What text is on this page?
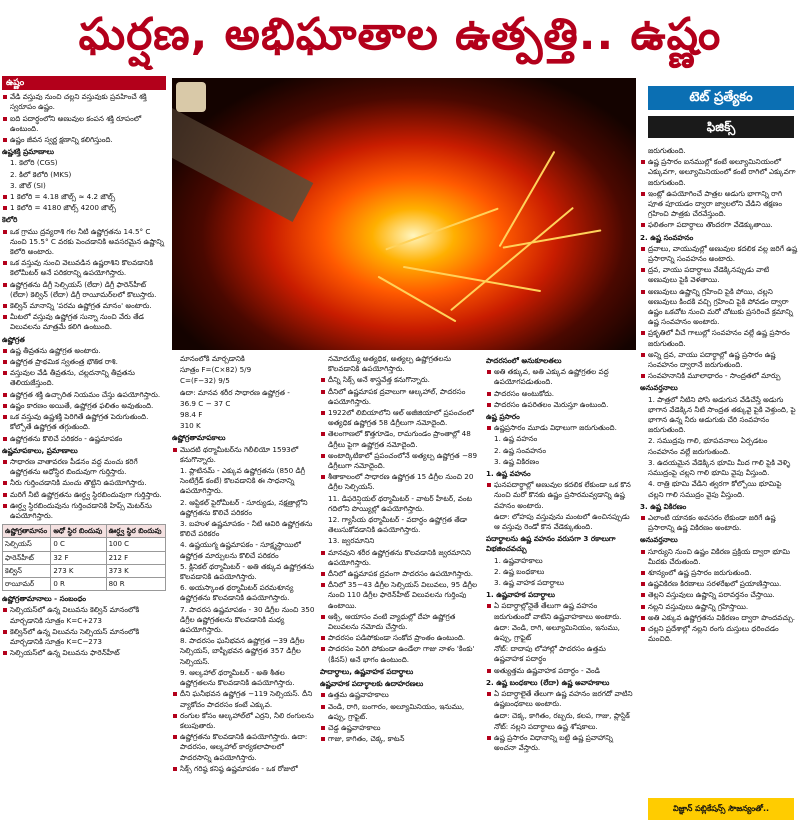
ఘర్షణ, అభిఘాతాల ఉత్పత్తి.. ఉష్ణం
ఉష్ణం
వేడి వస్తువు నుంచి చల్లని వస్తువుకు ప్రవహించే శక్తి స్వరూపం ఉష్ణం.
ఐది పదార్థంలోని అణువుల కంపన శక్తి రూపంలో ఉంటుంది.
ఉష్ణం జీవన స్వర్ణ క్షణాన్ని కలిగిస్తుంది.
ఉష్ణశక్తి ప్రమాణాలు
1. కెలోరి (CGS)
2. కిలో కెలోరి (MKS)
3. జౌల్ (SI)
1 కెలోరి = 4.18 జౌల్స్ ≈ 4.2 జౌల్స్
1 కెలోరి = 4180 జౌల్స్ 4200 జౌల్స్
కెలోరి
ఒక గ్రాము ద్రవ్యరాశి గల నీటి ఉష్ణోగ్రతను 14.5° C నుంచి 15.5° C వరకు పెంచడానికి అవసరమైన ఉష్ణాన్ని కెలోరి అంటారు.
ఒక వస్తువు నుంచి వెలువడిన ఉష్ణరాశిని కొలవడానికి కెలోమీటర్ అనే పరికరాన్ని ఉపయోగిస్తారు.
ఉష్ణోగ్రతను డిగ్రీ సెల్సియస్ (లేదా) డిగ్రీ ఫారెన్‌హీట్ (లేదా) కెల్విన్ (లేదా) డిగ్రీ రాయీమర్‌లలో కొలుస్తారు.
కెల్విన్ మానాన్ని 'పరమ ఉష్ణోగ్రత మానం' అంటారు.
మీటలో వస్తువు ఉష్ణోగ్రత సున్నా నుంచి వేరు తేడ విలువలను మాత్రమే కలిగి ఉంటుంది.
ఉష్ణోగ్రత
ఉష్ణ తీవ్రతను ఉష్ణోగ్రత అంటారు.
ఉష్ణోగ్రత ప్రాథమిక స్వతంత్ర భౌతిక రాశి.
వస్తువుల వేడి తీవ్రతను, చల్లదనాన్ని తీవ్రతను తెలియజేస్తుంది.
ఉష్ణోగ్రత శక్తి ఉచ్చారిత నియమం చేస్తు ఉపయోగిస్తారు.
ఉష్ణం కారణం అయితే, ఉష్ణోగ్రత ఫలితం అవుతుంది.
ఒక వస్తువు ఉష్ణశక్తి పెరిగితే ఉష్ణోగ్రత పెరుగుతుంది. కోల్పోతే ఉష్ణోగ్రత తగ్గుతుంది.
ఉష్ణోగ్రతను కొలిచే పరికరం - ఉష్ణమాపకం
ఉష్ణమాపకాలు, ప్రమాణాలు
సాధారణ వాతావరణ పీడనం వద్ద మంచు కరిగే ఉష్ణోగ్రతను అధోస్థిర బిందువుగా గుర్తిస్తారు.
నీరు గుర్తించడానికి మంచు తొట్టిని ఉపయోగిస్తారు.
మరిగే నీటి ఉష్ణోగ్రతను ఊర్ధ్వ స్థిరబిందువుగా గుర్తిస్తారు.
ఊర్ధ్వ స్థిరబిందువును గుర్తించడానికి హిప్స్ మెటర్‌ను ఉపయోగిస్తారు.
ఉష్ణోగ్రతామానం	అధో స్థిర బిందువు	ఊర్ధ్వ స్థిర బిందువు
సెల్సియస్	0 C	100 C
ఫారెన్‌హీట్	32 F	212 F
కెల్విన్	273 K	373 K
రాయీమర్	0 R	80 R
ఉష్ణోగ్రతామానాలు - సంబంధం
సెల్సియస్‌లో ఉన్న విలువను కెల్విన్ మానంలోకి మార్చడానికి సూత్రం K=C+273
కెల్విన్‌లో ఉన్న విలువను సెల్సియస్ మానంలోకి మార్చడానికి సూత్రం K=C−273
సెల్సియస్‌లో ఉన్న విలువను ఫారెన్‌హీట్
టెట్ ప్రత్యేకం
ఫిజిక్స్
మానంలోకి మార్చడానికి
సూత్రం F=(C×82) 5/9
C=(F−32) 9/5
ఉదా: మానవ శరీర సాధారణ ఉష్ణోగ్రత -
36.9 C − 37 C
98.4 F
310 K
ఉష్ణోగ్రతామాపకాలు
మొదటి థర్మామీటర్‌ను గెలీలియో 1593లో కనుగొన్నారు.
1. ప్లాటినమ్ - ఎక్కువ ఉష్ణోగ్రతను (850 డిగ్రీ సెంటిగ్రేడ్ కంటే) కొలవడానికి ఈ సాధనాన్ని ఉపయోగిస్తారు.
2. ఆప్టికల్ పైరోమీటర్ - సూర్యుడు, నక్షత్రాల్లోని ఉష్ణోగ్రతను కొలిచే పరికరం
3. బహుళ ఉష్ణమాపకం - నీటి ఆవిరి ఉష్ణోగ్రతను కొలిచే పరికరం
4. ఉష్ణయుగ్మ ఉష్ణమాపకం - సూక్ష్మస్థాయిలో ఉష్ణోగ్రత మార్పులను కొలిచే పరికరం
5. క్లినికల్ థర్మామీటర్ - అతి తక్కువ ఉష్ణోగ్రతను కొలవడానికి ఉపయోగిస్తారు.
6. అయస్కాంత థర్మామీటర్ పరమశూన్య ఉష్ణోగ్రతను కొలవడానికి ఉపయోగిస్తారు.
7. పాదరస ఉష్ణమాపకం - 30 డిగ్రీల నుంచి 350 డిగ్రీల ఉష్ణోగ్రతలను కొలవడానికి మధ్య ఉపయోగిస్తారు.
8. పాదరసం ఘనీభవన ఉష్ణోగ్రత −39 డిగ్రీల సెల్సియస్, బాష్పీభవన ఉష్ణోగ్రత 357 డిగ్రీల సెల్సియస్.
9. ఆల్కహాల్ థర్మామీటర్ - అతి శీతల ఉష్ణోగ్రతలను కొలవడానికి ఉపయోగిస్తారు.
దీని ఘనీభవన ఉష్ణోగ్రత −119 సెల్సియస్. దీని వ్యాకోచం పాదరసం కంటే ఎక్కువ.
రంగుల కోసం ఆల్కహాల్‌లో ఎర్రని, నీలి రంగులను కలుపుతారు.
ఉష్ణోగ్రతను కొలవడానికి ఉపయోగిస్తారు. ఉదా: పాదరసం, ఆల్కహాల్ కార్యకలాపాలలో పాదరసాన్ని ఉపయోగిస్తారు.
సిక్స్ గరిష్ఠ కనిష్ఠ ఉష్ణమాపకం - ఒక రోజులో
నమోదయ్యే అత్యధిక, అత్యల్ప ఉష్ణోగ్రతలను కొలవడానికి ఉపయోగిస్తారు.
దీన్ని సిక్స్ అనే శాస్త్రవేత్త కనుగొన్నారు.
దీనిలో ఉష్ణమాపక ద్రవాలుగా ఆల్కహాల్, పాదరసం ఉపయోగిస్తారు.
1922లో లిబియాలోని ఆల్ అజీజియాలో ప్రపంచంలో అత్యధిక ఉష్ణోగ్రత 58 డిగ్రీలుగా నమోదైంది.
తెలంగాణలో కొత్తగూడెం, రామగుండం ప్రాంతాల్లో 48 డిగ్రీలు పైగా ఉష్ణోగ్రత నమోదైంది.
అంటార్కిటికాలో ప్రపంచంలోనే అత్యల్ప ఉష్ణోగ్రత −89 డిగ్రీలుగా నమోదైంది.
శీతాకాలంలో సాధారణ ఉష్ణోగ్రత 15 డిగ్రీల నుంచి 20 డిగ్రీల సెల్సియస్.
11. డిఫరెన్షియల్ థర్మామీటర్ - వాటర్ హీటర్, వంట గదిలోని పొయ్యిల్లో ఉపయోగిస్తారు.
12. గ్యాసీయ థర్మామీటర్ - వదార్థం ఉష్ణోగ్రత తేడా తెలుసుకోవడానికి ఉపయోగిస్తారు.
13. జ్వరమానిని
మానవుని శరీర ఉష్ణోగ్రతను కొలవడానికి జ్వరమానిని ఉపయోగిస్తారు.
దీనిలో ఉష్ణమాపక ద్రవంగా పాదరసం ఉపయోగిస్తారు.
దీనిలో 35−43 డిగ్రీల సెల్సియస్ విలువలు, 95 డిగ్రీల నుంచి 110 డిగ్రీల ఫారెన్‌హీట్ విలువలను గుర్తింపు ఉంటాయి.
ఆక్సి, ఆయాసం వంటి వ్యాధుల్లో దేహ ఉష్ణోగ్రత విలువలను నమోదు చేస్తారు.
పాదరసం పడిపోకుండా సంకోచ ప్రాంతం ఉంటుంది.
పాదరసం పెరిగి పోకుండా ఉండేలా గాజు నాళం 'కింకు' (కీనస్) అనే భాగం ఉంటుంది.
పాదార్థాలు, ఉష్ణవాహక పదార్థాలు
ఉష్ణవాహక పదార్థాలకు ఉదాహరణలు
ఉత్తమ ఉష్ణవాహకాలు
వెండి, రాగి, బంగారం, అల్యూమినియం, ఇనుము, ఉప్పు, గ్రాఫైట్.
చెడ్డ ఉష్ణవాహకాలు
గాజు, కాగితం, చెక్క, కాటన్
పాదరసంలో అనుకూలతలు
అతి తక్కువ, అతి ఎక్కువ ఉష్ణోగ్రతల వద్ద ఉపయోగపడుతుంది.
పాదరసం అంటుకోదు.
పాదరసం ఉపరితలం మెరుస్తూ ఉంటుంది.
ఉష్ణ ప్రసారం
ఉష్ణప్రసారం మూడు విధాలుగా జరుగుతుంది.
1. ఉష్ణ వహనం
2. ఉష్ణ సంవహనం
3. ఉష్ణ వికిరణం
1. ఉష్ణ వహనం
ఘనపదార్థాల్లో అణువుల కదలిక లేకుండా ఒక కొన నుంచి మరో కొనకు ఉష్ణం ప్రసారమవ్వడాన్ని ఉష్ణ వహనం అంటారు.
ఉదా: లోహపు వస్తువును మంటలో ఉంచినప్పుడు ఆ వస్తువు రెండో కొన వేడెక్కుతుంది.
పదార్థాలను ఉష్ణ వహనం వరుసగా 3 రకాలుగా విభజించవచ్చు
1. ఉష్ణవాహకాలు
2. ఉష్ణ బంధకాలు
3. ఉష్ణ వాహక పదార్థాలు
1. ఉష్ణవాహక పదార్థాలు
ఏ పదార్థాల్లోనైతే తేలుగా ఉష్ణ వహనం జరుగుతుందో వాటిని ఉష్ణవాహకాలు అంటారు.
ఉదా: వెండి, రాగి, అల్యూమినియం, ఇనుము, ఉప్పు, గ్రాఫైట్
నోట్: దాదాపు లోహాల్లో పాదరసం ఉత్తమ ఉష్ణవాహక పదార్థం
అత్యుత్తమ ఉష్ణవాహక పదార్థం - వెండి
2. ఉష్ణ బంధకాలు (లేదా) ఉష్ణ అవాహకాలు
ఏ పదార్థాలైతే తేలుగా ఉష్ణ వహనం జరగదో వాటిని ఉష్ణబంధకాలు అంటారు.
ఉదా: చెక్క, కాగితం, రబ్బరు, కలప, గాజు, ప్లాస్టిక్
నోట్: నల్లని పదార్థాలు ఉష్ణ శోషకాలు.
ఉష్ణ ప్రసారం విధానాన్ని బట్టి ఉష్ణ ప్రవాహాన్ని అంచనా వేస్తారు.
జరుగుతుంది.
ఉష్ణ ప్రసారం ఐనముల్లో కంటే అల్యూమినియంలో ఎక్కువగా, అల్యూమినియంలో కంటే రాగిలో ఎక్కువగా జరుగుతుంది.
ఇంట్లో ఉపయోగించే పాత్రల అడుగు భాగాన్ని రాగి పూత పూయడం ద్వారా జ్వాలలోని వేడిని తక్షణం గ్రహించి పాత్రకు చేరవేస్తుంది.
ఫలితంగా పదార్థాలు తొందరగా వేడెక్కుతాయి.
2. ఉష్ణ సంవహనం
ద్రవాలు, వాయువుల్లో అణువుల కదలిక వల్ల జరిగే ఉష్ణ ప్రసారాన్ని సంవహనం అంటారు.
ద్రవ, వాయు పదార్థాలు వేడెక్కినప్పుడు వాటి అణువులు పైకి వెళతాయి.
అణువులు ఉష్ణాన్ని గ్రహించి పైకి పోయి, చల్లని అణువులు కిందకి వచ్చి గ్రహించి పైకి పోవడం ద్వారా ఉష్ణం ఒకచోట నుంచి మరో చోటుకు ప్రసరించే క్రమాన్ని ఉష్ణ సంవహనం అంటారు.
ప్రకృతిలో వీచే గాలుల్లో సంవహనం వల్లే ఉష్ణ ప్రసారం జరుగుతుంది.
అన్ని ద్రవ, వాయు పదార్థాల్లో ఉష్ణ ప్రసారం ఉష్ణ సంవహనం ద్వారానే జరుగుతుంది.
సంవహనానికి మూలాధారం - సాంద్రతలో మార్పు
అనువర్తనాలు
1. పాత్రలో నీటిని పోసి అడుగున వేడిచేస్తే అడుగు భాగాన వేడెక్కిన నీటి సాంద్రత తక్కువై పైకి వెళ్తుంది, పై భాగాన ఉన్న నీరు అడుగుకు చేరి సంవహనం జరుగుతుంది.
2. సముద్రపు గాలి, భూపవనాలు ఏర్పడటం సంవహనం వల్లే జరుగుతుంది.
3. ఉదయమైన వేడెక్కిన భూమి మీద గాలి పైకి వెళ్ళి సముద్రంపై చల్లని గాలి భూమి వైపు వీస్తుంది.
4. రాత్రి భూమి వేడిని త్వరగా కోల్పోయి భూమిపై చల్లని గాలి సముద్రం వైపు వీస్తుంది.
3. ఉష్ణ వికిరణం
ఎలాంటి యానకం అవసరం లేకుండా జరిగే ఉష్ణ ప్రసారాన్ని ఉష్ణ వికిరణం అంటారు.
అనువర్తనాలు
సూర్యుని నుంచి ఉష్ణం వికిరణ ప్రక్రియ ద్వారా భూమి మీదకు చేరుతుంది.
శూన్యంలో ఉష్ణ ప్రసారం జరుగుతుంది.
ఉష్ణవికిరణ కిరణాలు సరళరేఖలో ప్రయాణిస్తాయి.
తెల్లని వస్తువులు ఉష్ణాన్ని పరావర్తనం చేస్తాయి.
నల్లని వస్తువులు ఉష్ణాన్ని గ్రహిస్తాయి.
అతి ఎక్కువ ఉష్ణోగ్రతను వికిరణం ద్వారా పొందవచ్చు.
చల్లని ప్రదేశాల్లో నల్లని రంగు దుస్తులు ధరించడం మంచిది.
విజ్ఞాన్ పబ్లికేషన్స్ సౌజన్యంతో..
